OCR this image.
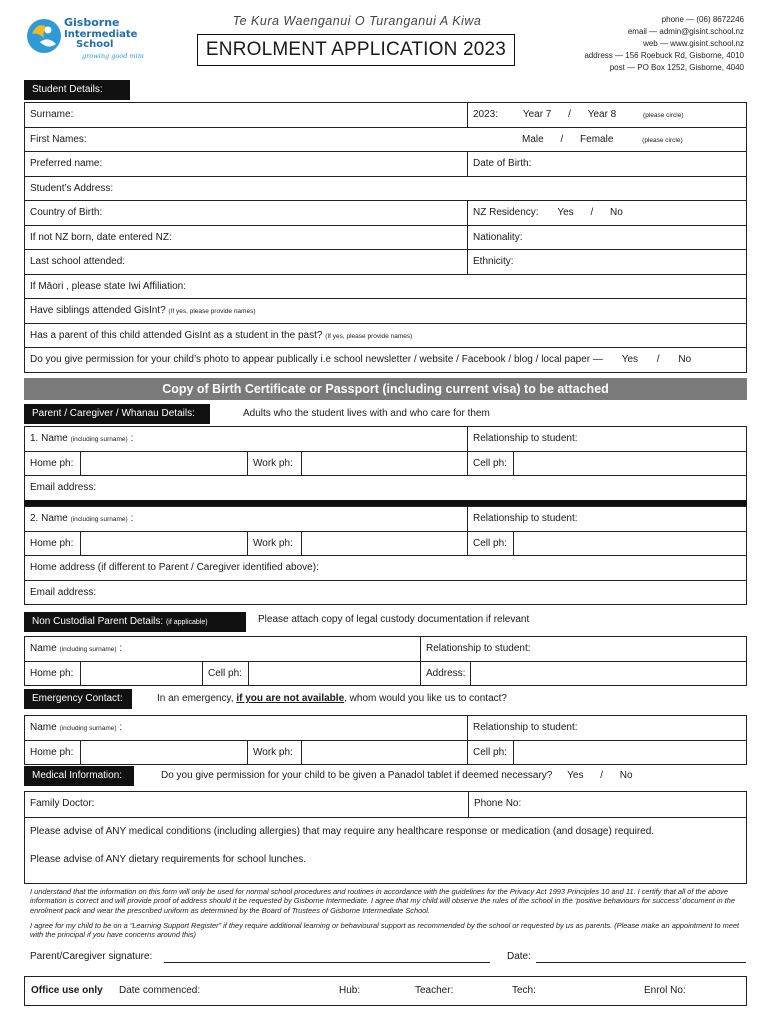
Gisborne
Intermediate
School
growing good minds
Te Kura Waenganui O Turanganui A Kiwa
ENROLMENT APPLICATION 2023
phone — (06) 8672246
email — admin@gisint.school.nz
web — www.gisint.school.nz
address — 156 Roebuck Rd, Gisborne, 4010
post — PO Box 1252, Gisborne, 4040
Student Details:
Surname:	2023: Year 7 / Year 8	(please circle)
First Names:	Male / Female	(please circle)
Preferred name:	Date of Birth:
Student’s Address:
Country of Birth:	NZ Residency: Yes / No
If not NZ born, date entered NZ:	Nationality:
Last school attended:	Ethnicity:
If Māori , please state Iwi Affiliation:
Have siblings attended GisInt? (If yes, please provide names)
Has a parent of this child attended GisInt as a student in the past? (If yes, please provide names)
Do you give permission for your child’s photo to appear publically i.e school newsletter / website / Facebook / blog / local paper — Yes / No
Copy of Birth Certificate or Passport (including current visa) to be attached
Parent / Caregiver / Whanau Details:	Adults who the student lives with and who care for them
1. Name (including surname) :	Relationship to student:
Home ph:	Work ph:	Cell ph:
Email address:
2. Name (including surname) :	Relationship to student:
Home ph:	Work ph:	Cell ph:
Home address (if different to Parent / Caregiver identified above):
Email address:
Non Custodial Parent Details: (if applicable)	Please attach copy of legal custody documentation if relevant
Name (including surname) :	Relationship to student:
Home ph:	Cell ph:	Address:
Emergency Contact:	In an emergency, if you are not available, whom would you like us to contact?
Name (including surname) :	Relationship to student:
Home ph:	Work ph:	Cell ph:
Medical Information:	Do you give permission for your child to be given a Panadol tablet if deemed necessary? Yes / No
Family Doctor:	Phone No:
Please advise of ANY medical conditions (including allergies) that may require any healthcare response or medication (and dosage) required.
Please advise of ANY dietary requirements for school lunches.
I understand that the information on this form will only be used for normal school procedures and routines in accordance with the guidelines for the Privacy Act 1993 Principles 10 and 11. I certify that all of the above information is correct and will provide proof of address should it be requested by Gisborne Intermediate. I agree that my child will observe the rules of the school in the ‘positive behaviours for success’ document in the enrolment pack and wear the prescribed uniform as determined by the Board of Trustees of Gisborne Intermediate School.
I agree for my child to be on a “Learning Support Register” if they require additional learning or behavioural support as recommended by the school or requested by us as parents. (Please make an appointment to meet with the principal if you have concerns around this)
Parent/Caregiver signature:	Date:
Office use only Date commenced:	Hub:	Teacher:	Tech:	Enrol No:
